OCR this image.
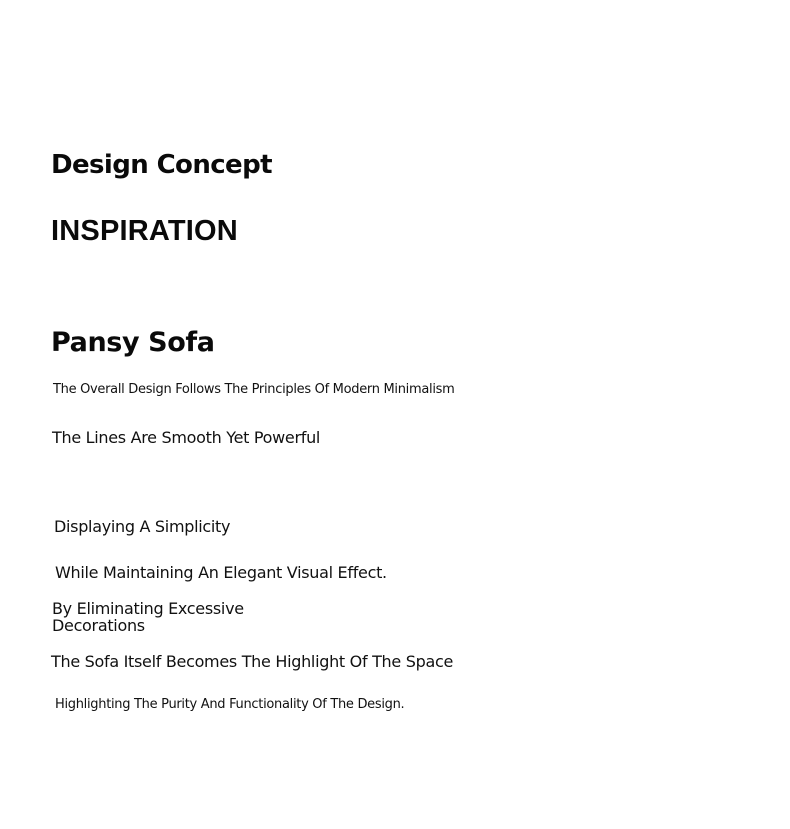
Design Concept
INSPIRATION
Pansy Sofa

The Overall Design Follows The Principles Of Modern Minimalism

The Lines Are Smooth Yet Powerful

Displaying A Simplicity

While Maintaining An Elegant Visual Effect.

By Eliminating Excessive Decorations

The Sofa Itself Becomes The Highlight Of The Space

Highlighting The Purity And Functionality Of The Design.
